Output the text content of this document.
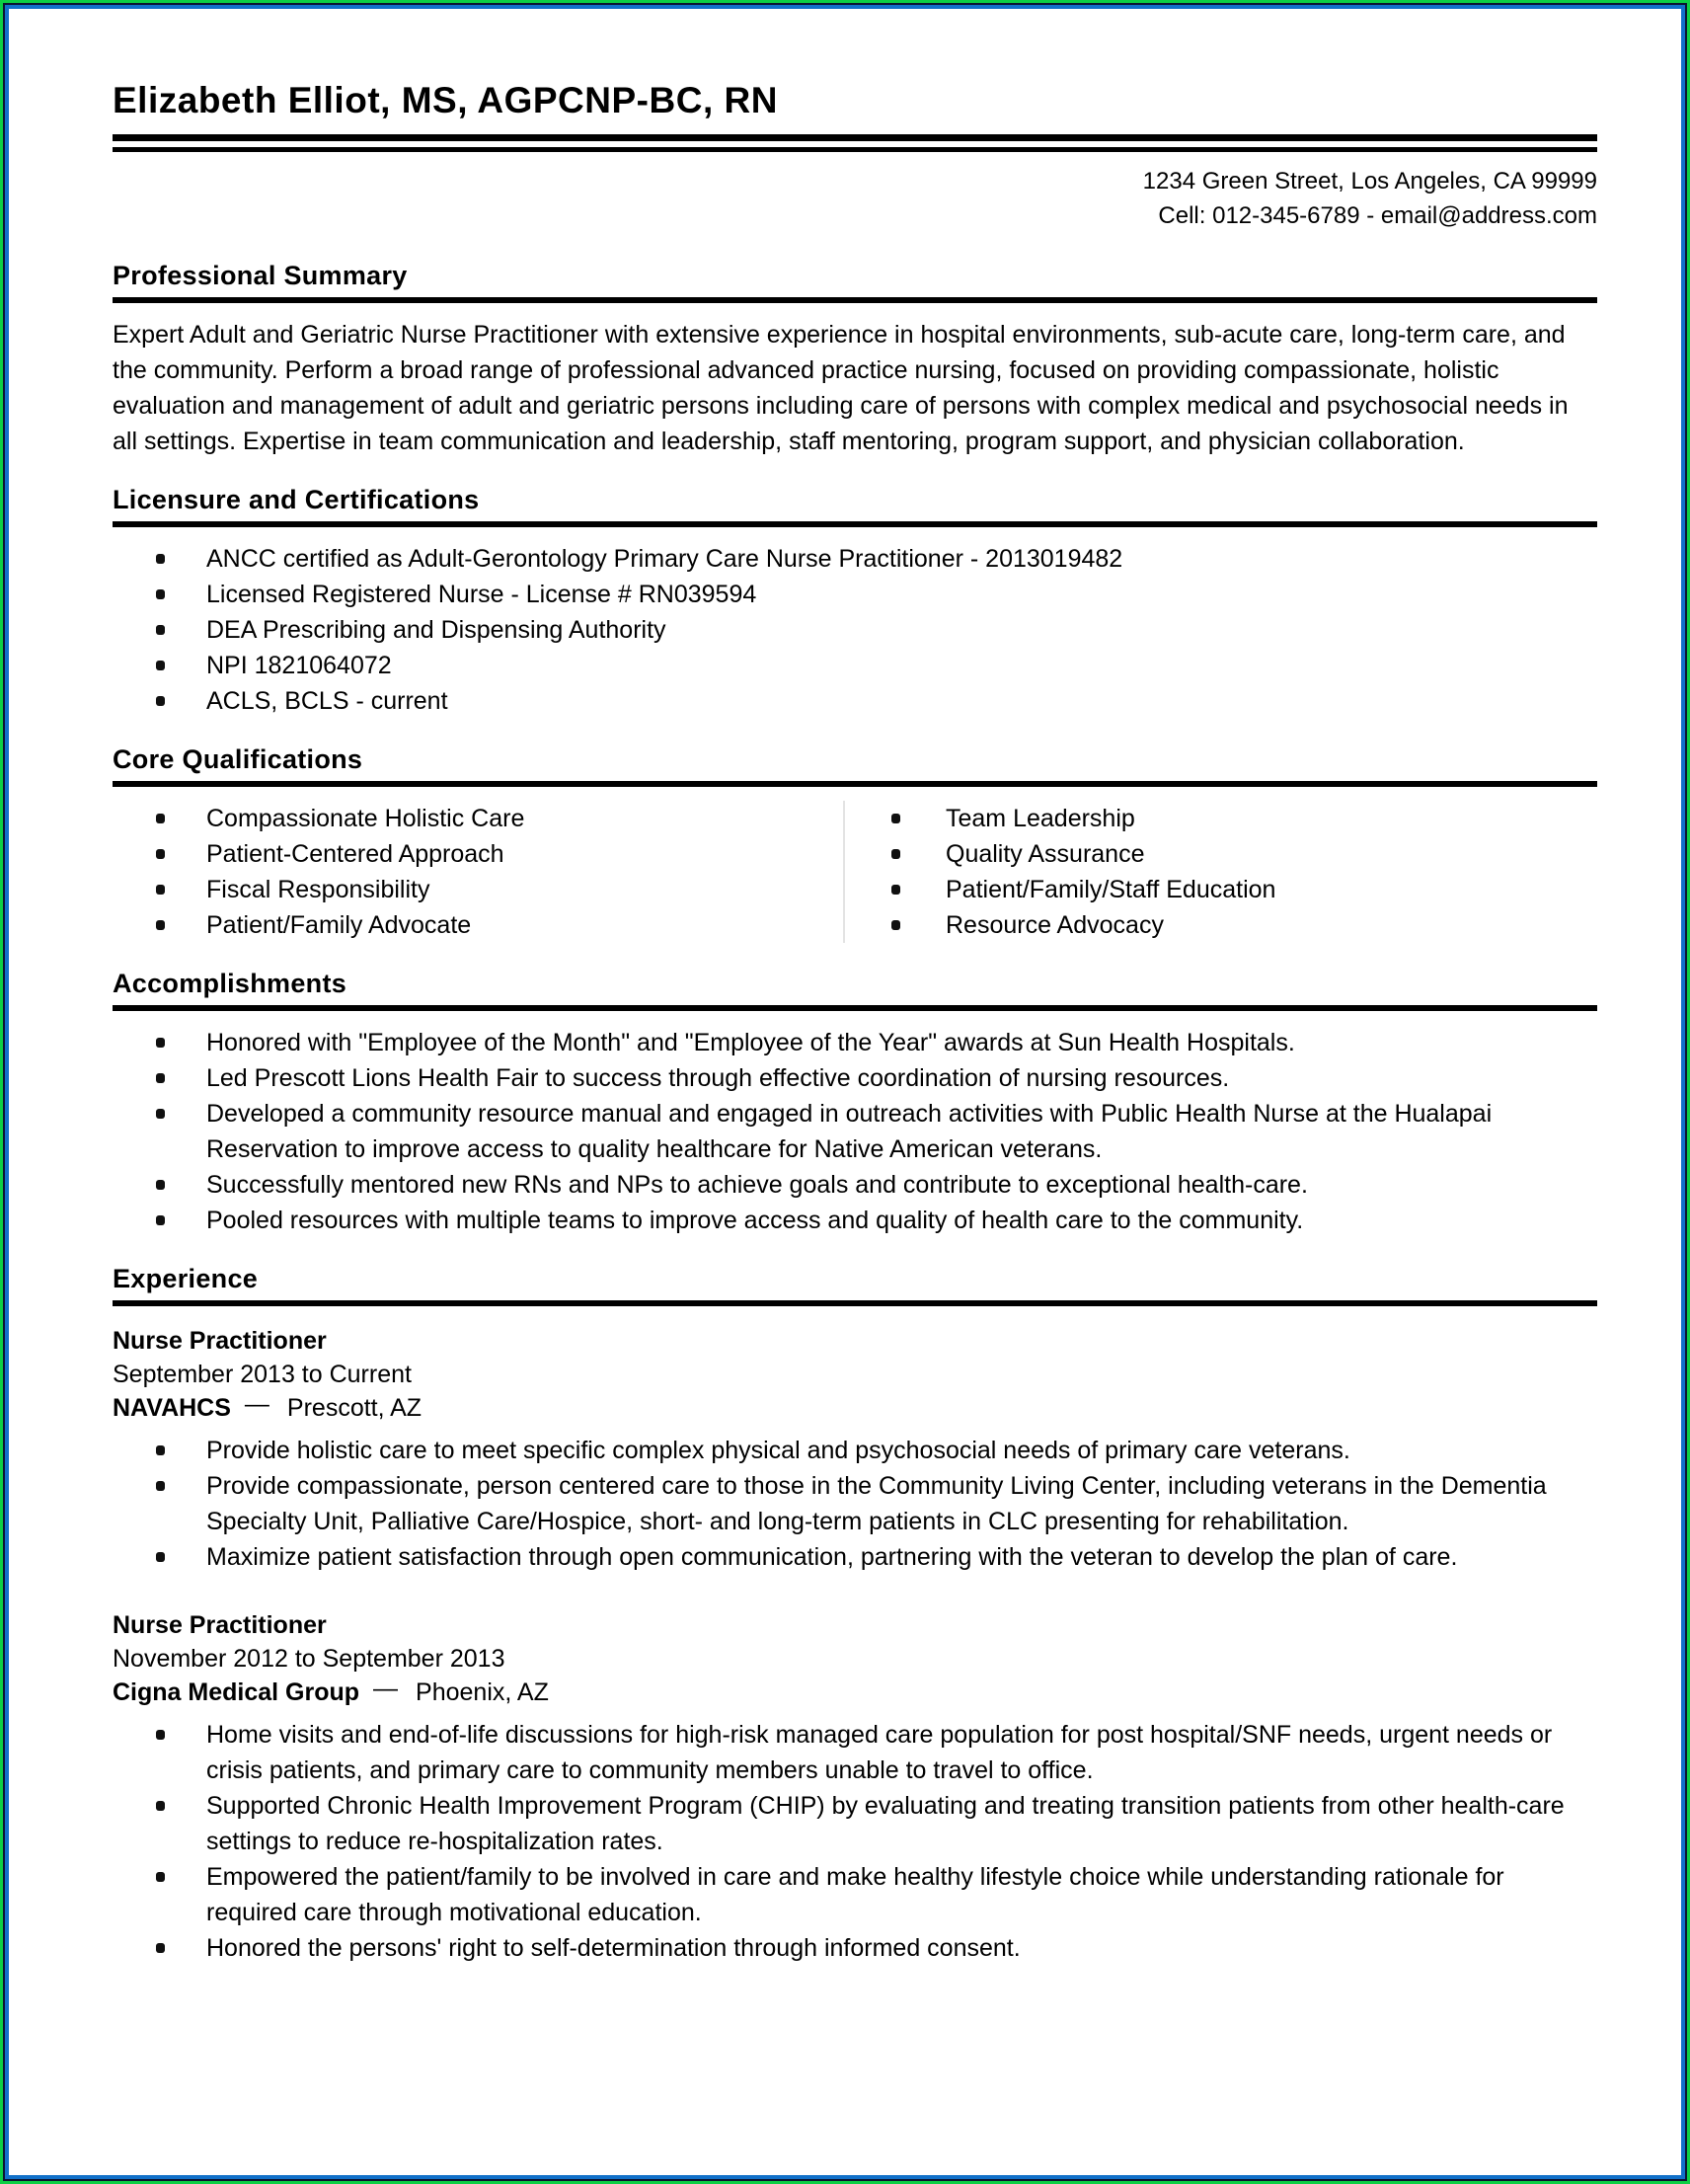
Elizabeth Elliot, MS, AGPCNP-BC, RN
1234 Green Street, Los Angeles, CA 99999
Cell: 012-345-6789 - email@address.com
Professional Summary
Expert Adult and Geriatric Nurse Practitioner with extensive experience in hospital environments, sub-acute care, long-term care, and the community. Perform a broad range of professional advanced practice nursing, focused on providing compassionate, holistic evaluation and management of adult and geriatric persons including care of persons with complex medical and psychosocial needs in all settings. Expertise in team communication and leadership, staff mentoring, program support, and physician collaboration.
Licensure and Certifications
ANCC certified as Adult-Gerontology Primary Care Nurse Practitioner - 2013019482
Licensed Registered Nurse - License # RN039594
DEA Prescribing and Dispensing Authority
NPI 1821064072
ACLS, BCLS - current
Core Qualifications
Compassionate Holistic Care
Patient-Centered Approach
Fiscal Responsibility
Patient/Family Advocate
Team Leadership
Quality Assurance
Patient/Family/Staff Education
Resource Advocacy
Accomplishments
Honored with "Employee of the Month" and "Employee of the Year" awards at Sun Health Hospitals.
Led Prescott Lions Health Fair to success through effective coordination of nursing resources.
Developed a community resource manual and engaged in outreach activities with Public Health Nurse at the Hualapai Reservation to improve access to quality healthcare for Native American veterans.
Successfully mentored new RNs and NPs to achieve goals and contribute to exceptional health-care.
Pooled resources with multiple teams to improve access and quality of health care to the community.
Experience
Nurse Practitioner
September 2013 to Current
NAVAHCS — Prescott, AZ
Provide holistic care to meet specific complex physical and psychosocial needs of primary care veterans.
Provide compassionate, person centered care to those in the Community Living Center, including veterans in the Dementia Specialty Unit, Palliative Care/Hospice, short- and long-term patients in CLC presenting for rehabilitation.
Maximize patient satisfaction through open communication, partnering with the veteran to develop the plan of care.
Nurse Practitioner
November 2012 to September 2013
Cigna Medical Group — Phoenix, AZ
Home visits and end-of-life discussions for high-risk managed care population for post hospital/SNF needs, urgent needs or crisis patients, and primary care to community members unable to travel to office.
Supported Chronic Health Improvement Program (CHIP) by evaluating and treating transition patients from other health-care settings to reduce re-hospitalization rates.
Empowered the patient/family to be involved in care and make healthy lifestyle choice while understanding rationale for required care through motivational education.
Honored the persons' right to self-determination through informed consent.
